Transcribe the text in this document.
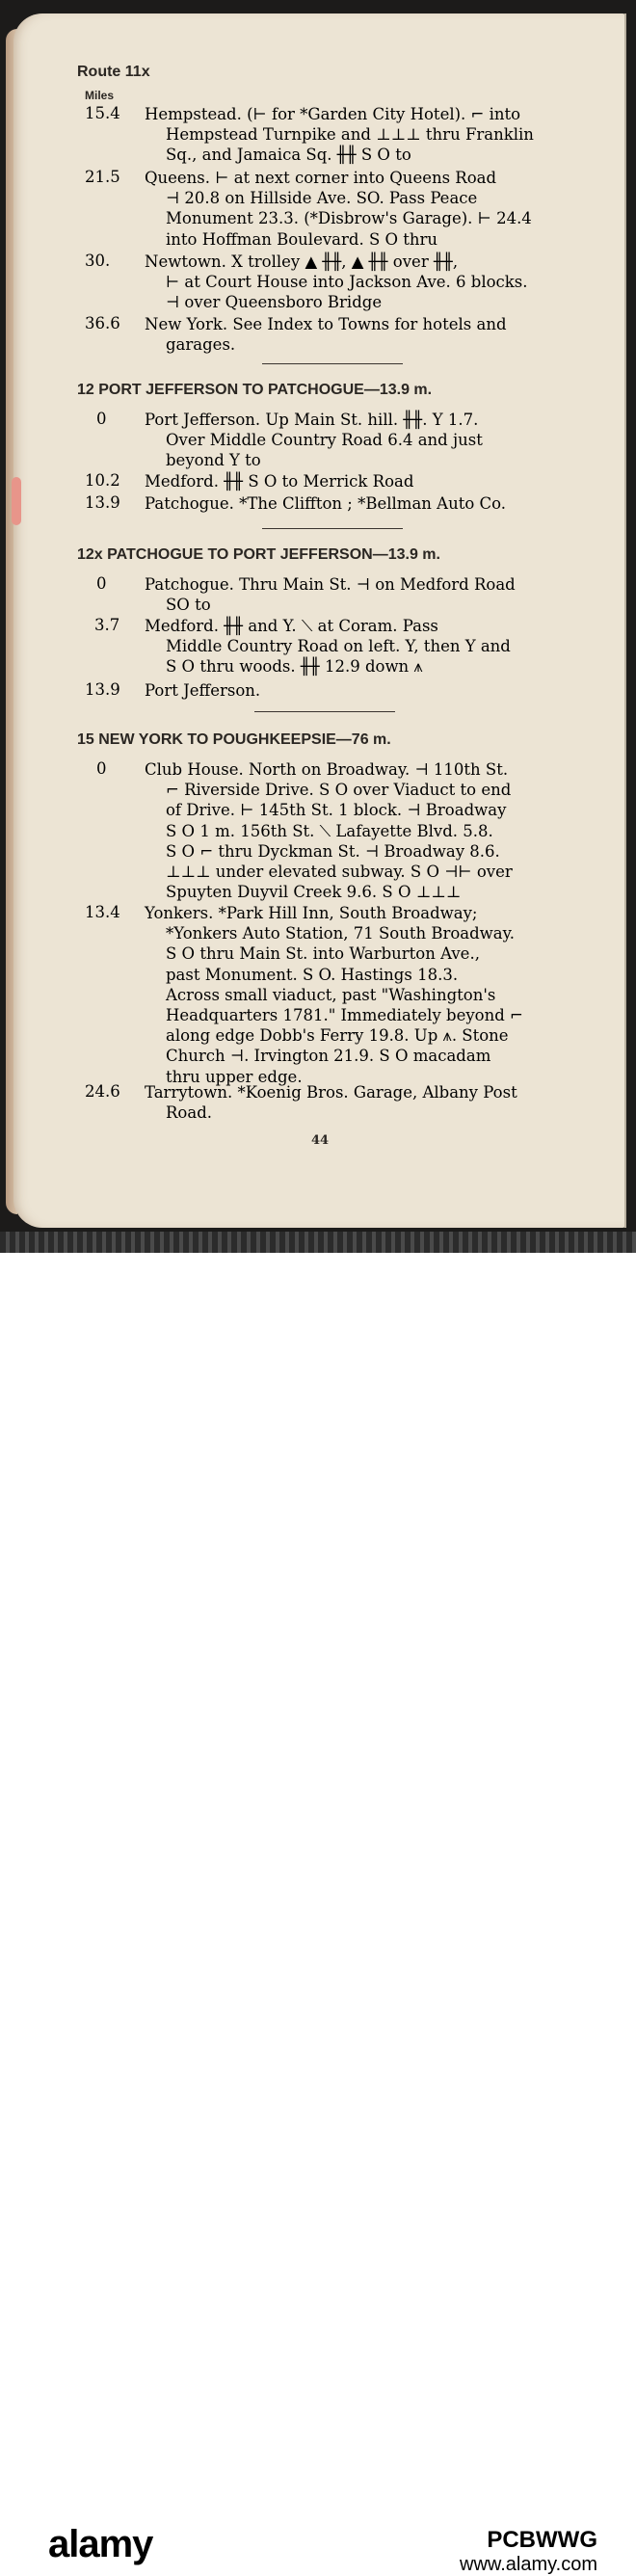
Route 11x
Miles
15.4	Hempstead. (⊢ for *Garden City Hotel). ⌐ into
Hempstead Turnpike and ⊥⊥⊥ thru Franklin
Sq., and Jamaica Sq. ╫╫ S O to
21.5	Queens. ⊢ at next corner into Queens Road
⊣ 20.8 on Hillside Ave. SO. Pass Peace
Monument 23.3. (*Disbrow's Garage). ⊢ 24.4
into Hoffman Boulevard. S O thru
30.	Newtown. X trolley ▲ ╫╫, ▲ ╫╫ over ╫╫,
⊢ at Court House into Jackson Ave. 6 blocks.
⊣ over Queensboro Bridge
36.6	New York. See Index to Towns for hotels and
garages.
12 PORT JEFFERSON TO PATCHOGUE—13.9 m.
0	Port Jefferson. Up Main St. hill. ╫╫. Y 1.7.
Over Middle Country Road 6.4 and just
beyond Y to
10.2	Medford. ╫╫ S O to Merrick Road
13.9	Patchogue. *The Cliffton ; *Bellman Auto Co.
12x PATCHOGUE TO PORT JEFFERSON—13.9 m.
0	Patchogue. Thru Main St. ⊣ on Medford Road
SO to
3.7	Medford. ╫╫ and Y. ⟍ at Coram. Pass
Middle Country Road on left. Y, then Y and
S O thru woods. ╫╫ 12.9 down ⩚
13.9	Port Jefferson.
15 NEW YORK TO POUGHKEEPSIE—76 m.
0	Club House. North on Broadway. ⊣ 110th St.
⌐ Riverside Drive. S O over Viaduct to end
of Drive. ⊢ 145th St. 1 block. ⊣ Broadway
S O 1 m. 156th St. ⟍ Lafayette Blvd. 5.8.
S O ⌐ thru Dyckman St. ⊣ Broadway 8.6.
⊥⊥⊥ under elevated subway. S O ⊣⊢ over
Spuyten Duyvil Creek 9.6. S O ⊥⊥⊥
13.4	Yonkers. *Park Hill Inn, South Broadway;
*Yonkers Auto Station, 71 South Broadway.
S O thru Main St. into Warburton Ave.,
past Monument. S O. Hastings 18.3.
Across small viaduct, past "Washington's
Headquarters 1781." Immediately beyond ⌐
along edge Dobb's Ferry 19.8. Up ⩚. Stone
Church ⊣. Irvington 21.9. S O macadam
thru upper edge.
24.6	Tarrytown. *Koenig Bros. Garage, Albany Post
Road.
44
alamy	PCBWWG
www.alamy.com
